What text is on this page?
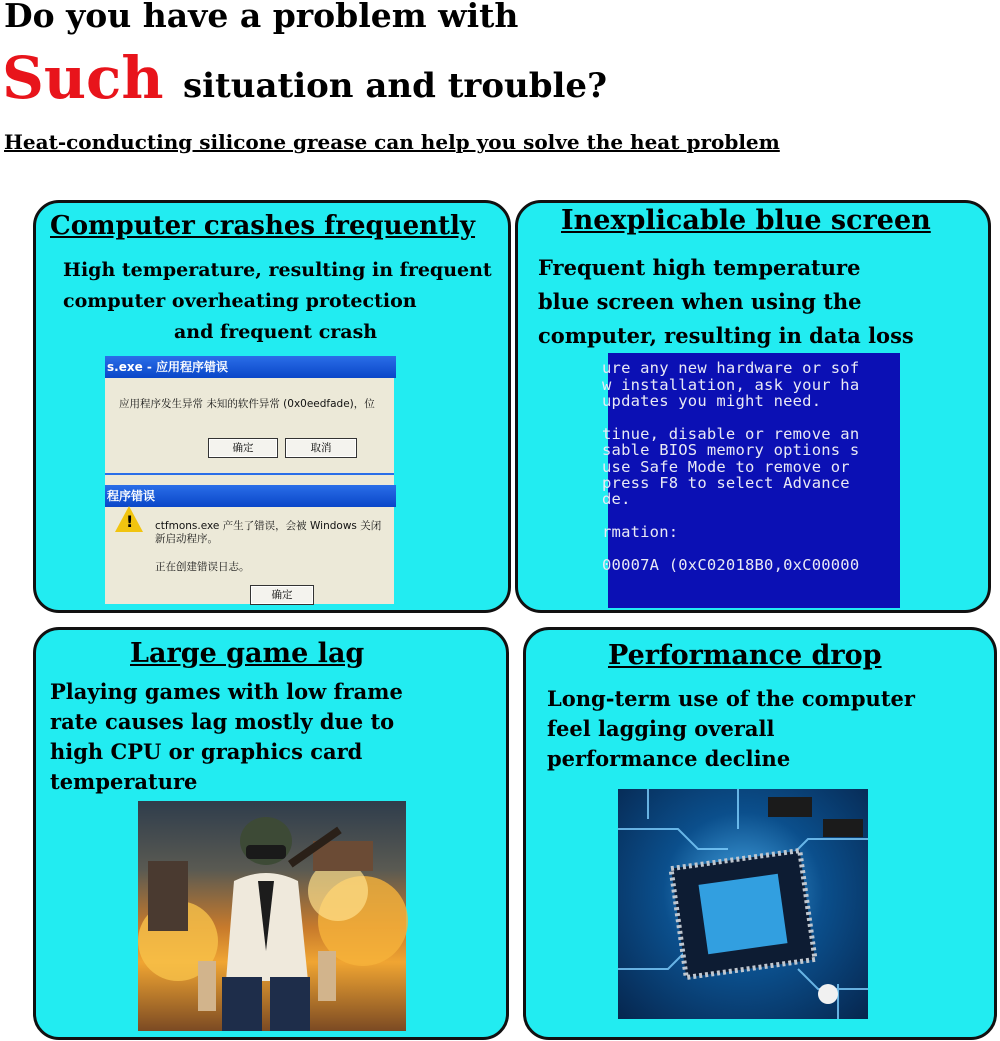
Do you have a problem with
Such situation and trouble?
Heat-conducting silicone grease can help you solve the heat problem
Computer crashes frequently
High temperature, resulting in frequent
computer overheating protection
and frequent crash
s.exe - 应用程序错误
应用程序发生异常 未知的软件异常 (0x0eedfade)，位
确定	取消
程序错误
! ctfmons.exe 产生了错误，会被 Windows 关闭
新启动程序。
正在创建错误日志。
确定
Inexplicable blue screen
Frequent high temperature
blue screen when using the
computer, resulting in data loss
ure any new hardware or sof
w installation, ask your ha
updates you might need.
tinue, disable or remove an
sable BIOS memory options s
use Safe Mode to remove or
press F8 to select Advance
de.
rmation:
00007A (0xC02018B0,0xC00000
Large game lag
Playing games with low frame
rate causes lag mostly due to
high CPU or graphics card
temperature
Performance drop
Long-term use of the computer
feel lagging overall
performance decline
